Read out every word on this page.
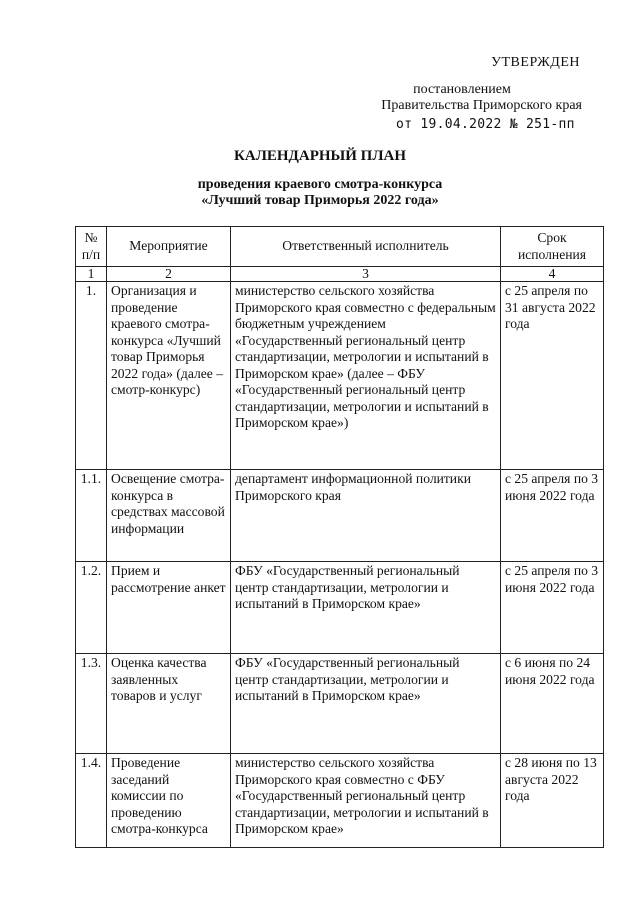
УТВЕРЖДЕН
постановлением
Правительства Приморского края
от 19.04.2022 № 251-пп
КАЛЕНДАРНЫЙ ПЛАН
проведения краевого смотра-конкурса
«Лучший товар Приморья 2022 года»
№ п/п	Мероприятие	Ответственный исполнитель	Срок исполнения
1	2	3	4
1.	Организация и проведение краевого смотра-конкурса «Лучший товар Приморья 2022 года» (далее – смотр-конкурс)	министерство сельского хозяйства Приморского края совместно с федеральным бюджетным учреждением «Государственный региональный центр стандартизации, метрологии и испытаний в Приморском крае» (далее – ФБУ «Государственный региональный центр стандартизации, метрологии и испытаний в Приморском крае»)	с 25 апреля по 31 августа 2022 года
1.1.	Освещение смотра-конкурса в средствах массовой информации	департамент информационной политики Приморского края	с 25 апреля по 3 июня 2022 года
1.2.	Прием и рассмотрение анкет	ФБУ «Государственный региональный центр стандартизации, метрологии и испытаний в Приморском крае»	с 25 апреля по 3 июня 2022 года
1.3.	Оценка качества заявленных товаров и услуг	ФБУ «Государственный региональный центр стандартизации, метрологии и испытаний в Приморском крае»	с 6 июня по 24 июня 2022 года
1.4.	Проведение заседаний комиссии по проведению смотра-конкурса	министерство сельского хозяйства Приморского края совместно с ФБУ «Государственный региональный центр стандартизации, метрологии и испытаний в Приморском крае»	с 28 июня по 13 августа 2022 года
